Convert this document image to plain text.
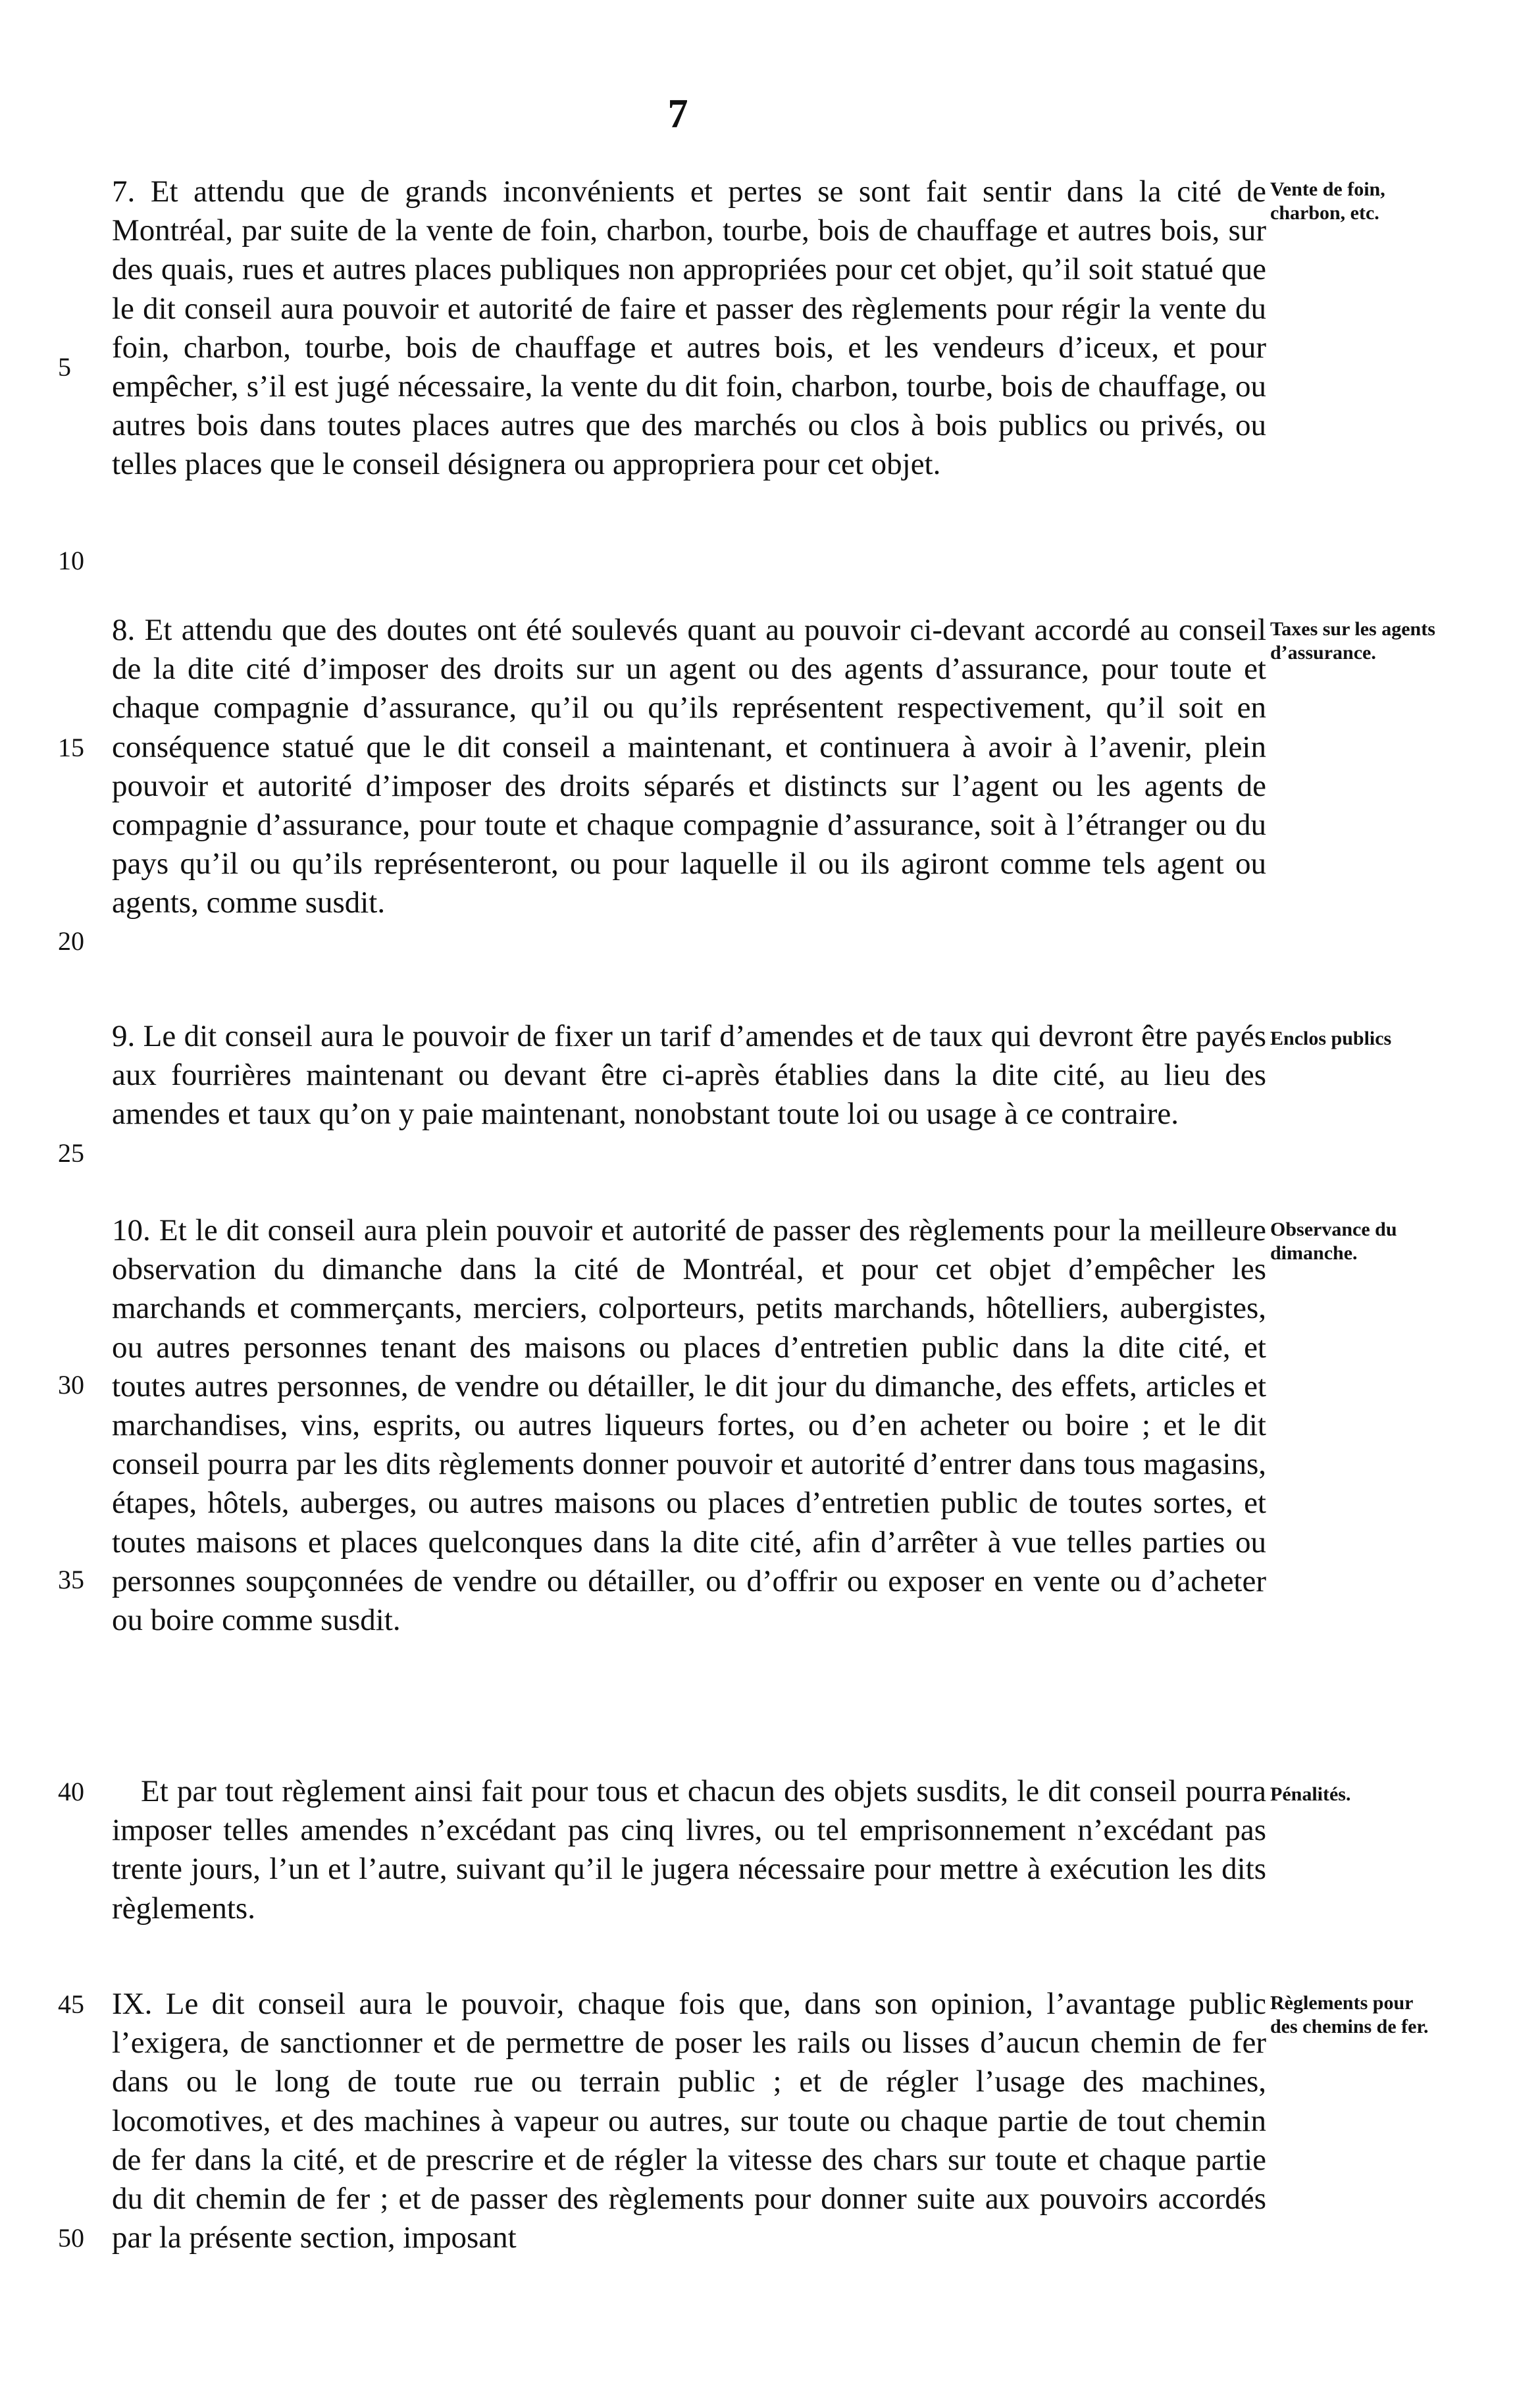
7
7. Et attendu que de grands inconvénients et pertes se sont fait sentir dans la cité de Montréal, par suite de la vente de foin, charbon, tourbe, bois de chauffage et autres bois, sur des quais, rues et autres places publiques non appropriées pour cet objet, qu’il soit statué que le dit conseil aura pouvoir et autorité de faire et passer des règlements pour régir la vente du foin, charbon, tourbe, bois de chauffage et autres bois, et les vendeurs d’iceux, et pour empêcher, s’il est jugé nécessaire, la vente du dit foin, charbon, tourbe, bois de chauffage, ou autres bois dans toutes places autres que des marchés ou clos à bois publics ou privés, ou telles places que le conseil désignera ou appropriera pour cet objet.
Vente de foin, charbon, etc.
8. Et attendu que des doutes ont été soulevés quant au pouvoir ci-devant accordé au conseil de la dite cité d’imposer des droits sur un agent ou des agents d’assurance, pour toute et chaque compagnie d’assurance, qu’il ou qu’ils représentent respectivement, qu’il soit en conséquence statué que le dit conseil a maintenant, et continuera à avoir à l’avenir, plein pouvoir et autorité d’imposer des droits séparés et distincts sur l’agent ou les agents de compagnie d’assurance, pour toute et chaque compagnie d’assurance, soit à l’étranger ou du pays qu’il ou qu’ils représenteront, ou pour laquelle il ou ils agiront comme tels agent ou agents, comme susdit.
Taxes sur les agents d’assurance.
9. Le dit conseil aura le pouvoir de fixer un tarif d’amendes et de taux qui devront être payés aux fourrières maintenant ou devant être ci-après établies dans la dite cité, au lieu des amendes et taux qu’on y paie maintenant, nonobstant toute loi ou usage à ce contraire.
Enclos publics
10. Et le dit conseil aura plein pouvoir et autorité de passer des règlements pour la meilleure observation du dimanche dans la cité de Montréal, et pour cet objet d’empêcher les marchands et commerçants, merciers, colporteurs, petits marchands, hôtelliers, aubergistes, ou autres personnes tenant des maisons ou places d’entretien public dans la dite cité, et toutes autres personnes, de vendre ou détailler, le dit jour du dimanche, des effets, articles et marchandises, vins, esprits, ou autres liqueurs fortes, ou d’en acheter ou boire ; et le dit conseil pourra par les dits règlements donner pouvoir et autorité d’entrer dans tous magasins, étapes, hôtels, auberges, ou autres maisons ou places d’entretien public de toutes sortes, et toutes maisons et places quelconques dans la dite cité, afin d’arrêter à vue telles parties ou personnes soupçonnées de vendre ou détailler, ou d’offrir ou exposer en vente ou d’acheter ou boire comme susdit.
Observance du dimanche.
Et par tout règlement ainsi fait pour tous et chacun des objets susdits, le dit conseil pourra imposer telles amendes n’excédant pas cinq livres, ou tel emprisonnement n’excédant pas trente jours, l’un et l’autre, suivant qu’il le jugera nécessaire pour mettre à exécution les dits règlements.
Pénalités.
IX. Le dit conseil aura le pouvoir, chaque fois que, dans son opinion, l’avantage public l’exigera, de sanctionner et de permettre de poser les rails ou lisses d’aucun chemin de fer dans ou le long de toute rue ou terrain public ; et de régler l’usage des machines, locomotives, et des machines à vapeur ou autres, sur toute ou chaque partie de tout chemin de fer dans la cité, et de prescrire et de régler la vitesse des chars sur toute et chaque partie du dit chemin de fer ; et de passer des règlements pour donner suite aux pouvoirs accordés par la présente section, imposant
Règlements pour des chemins de fer.
5
10
15
20
25
30
35
40
45
50
